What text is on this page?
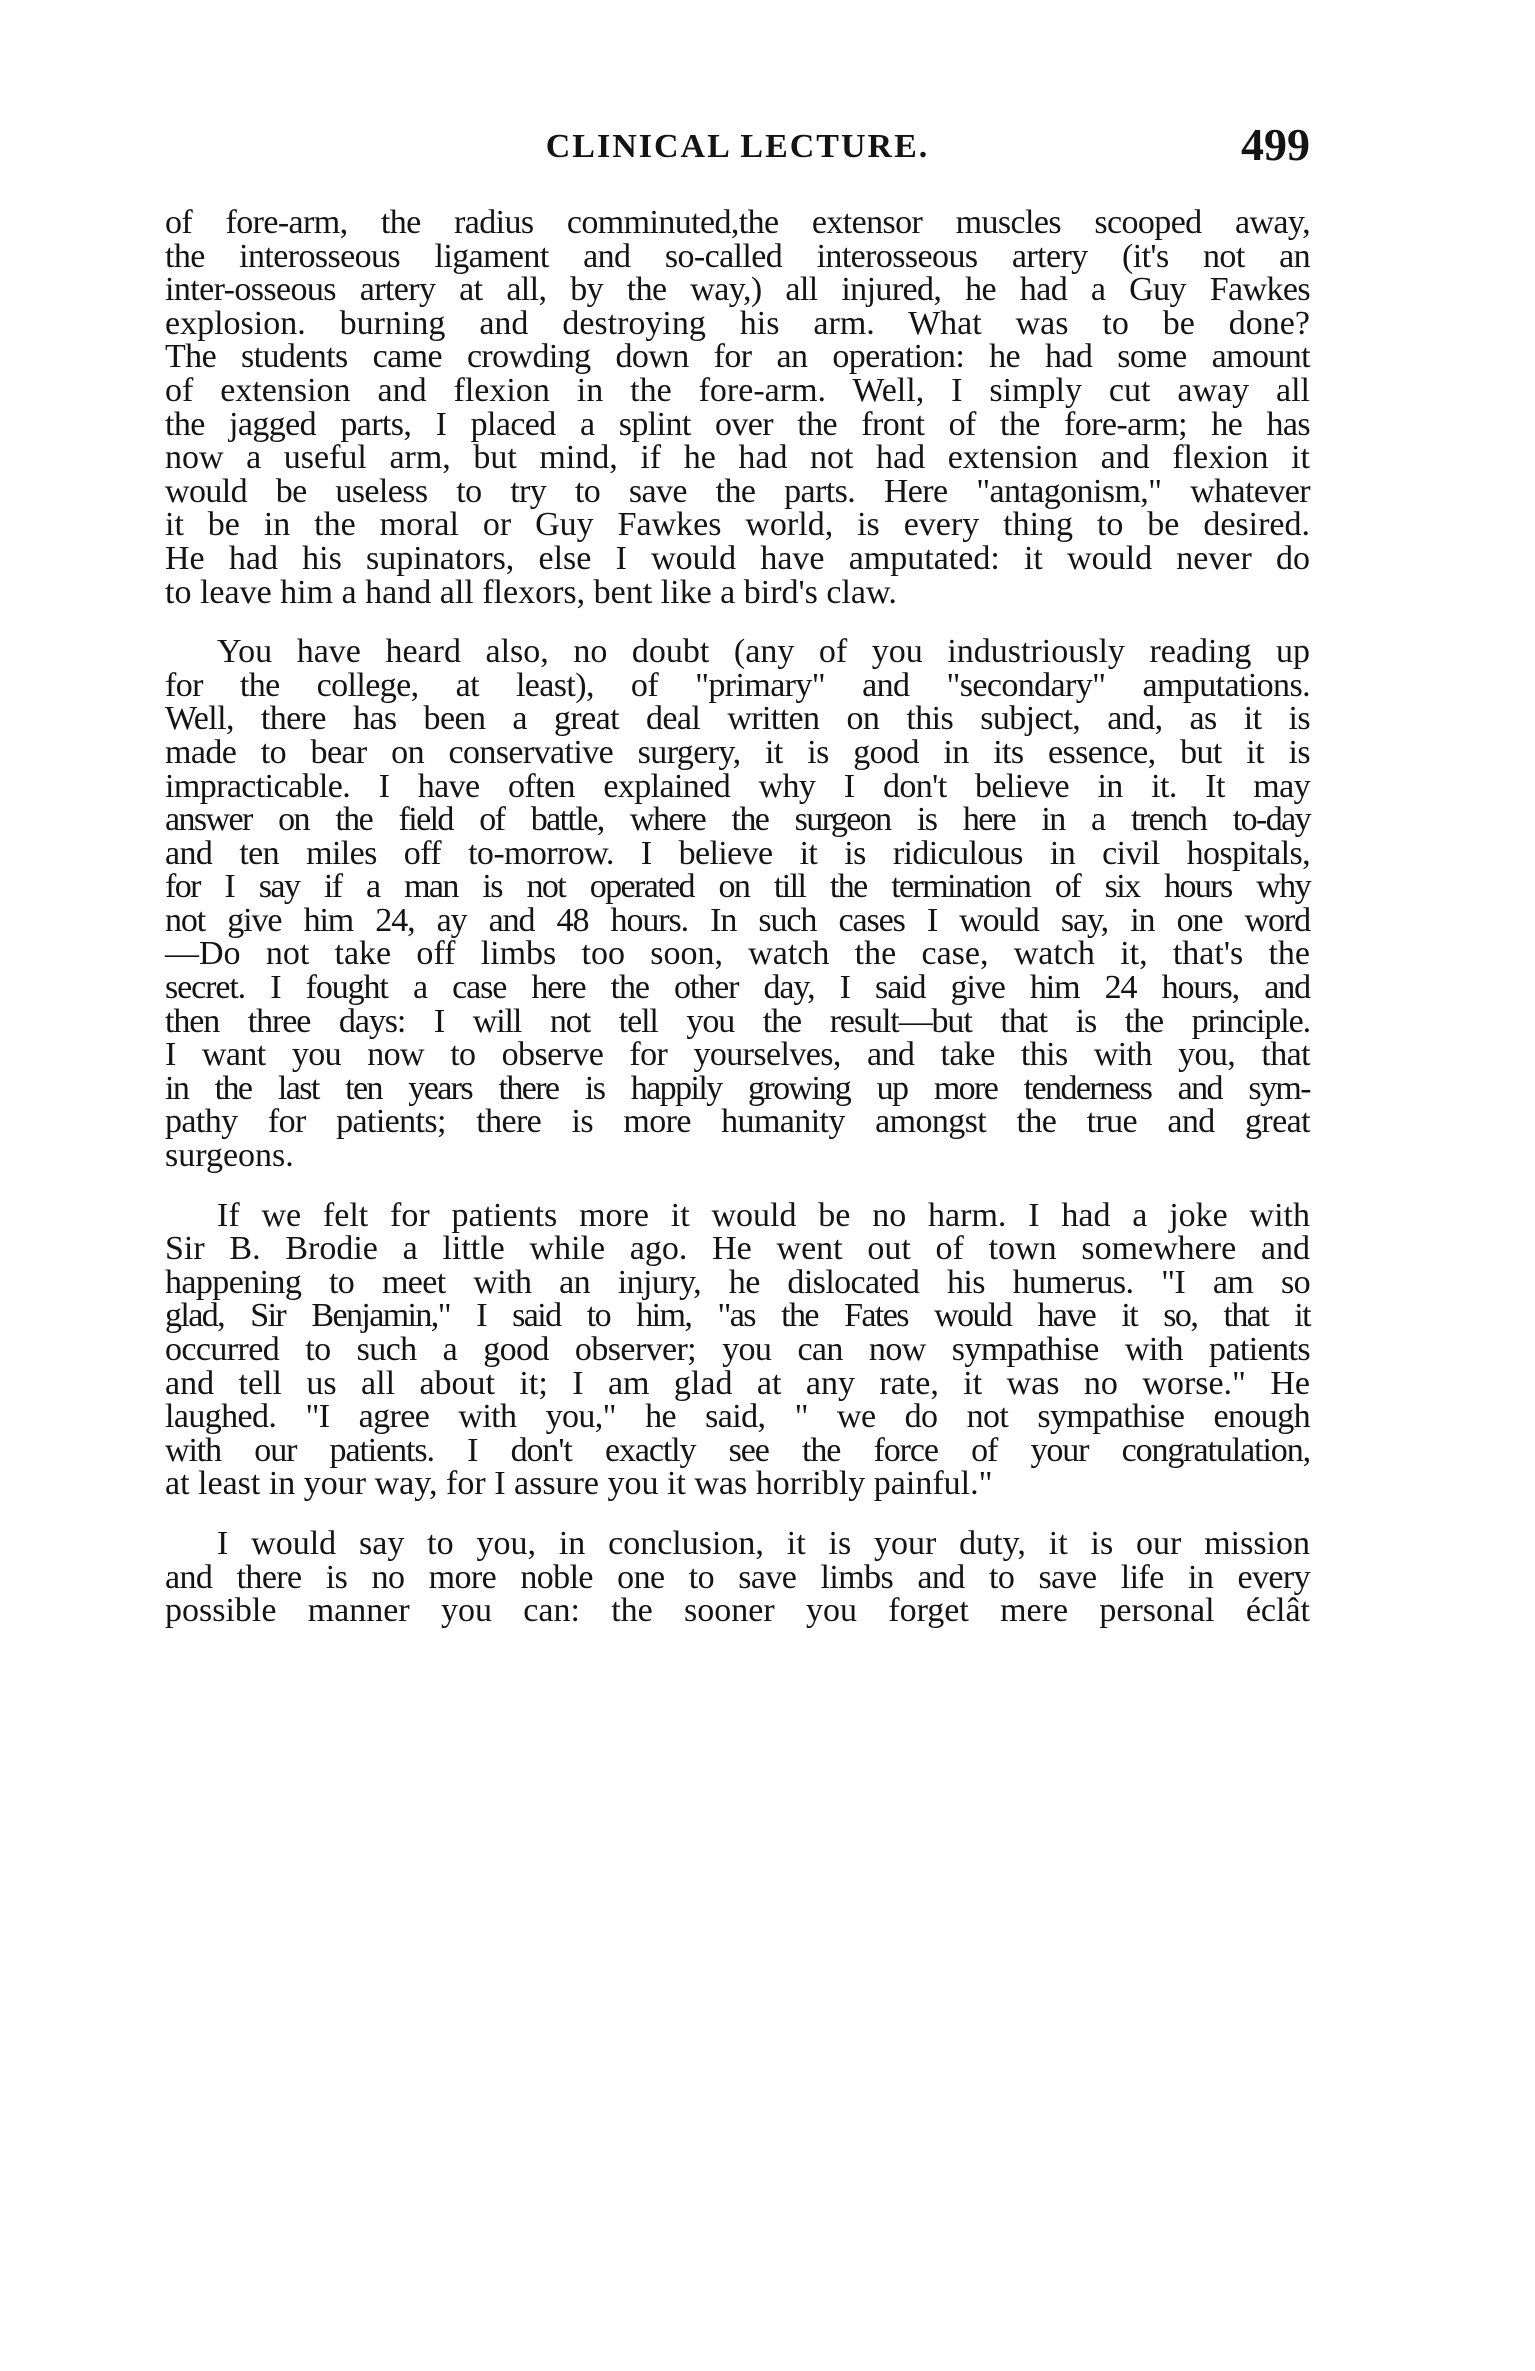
CLINICAL LECTURE.	499
of fore-arm, the radius comminuted,the extensor muscles scooped away,
the interosseous ligament and so-called interosseous artery (it's not an
inter-osseous artery at all, by the way,) all injured, he had a Guy Fawkes
explosion. burning and destroying his arm. What was to be done?
The students came crowding down for an operation: he had some amount
of extension and flexion in the fore-arm. Well, I simply cut away all
the jagged parts, I placed a splint over the front of the fore-arm; he has
now a useful arm, but mind, if he had not had extension and flexion it
would be useless to try to save the parts. Here "antagonism," whatever
it be in the moral or Guy Fawkes world, is every thing to be desired.
He had his supinators, else I would have amputated: it would never do
to leave him a hand all flexors, bent like a bird's claw.
You have heard also, no doubt (any of you industriously reading up
for the college, at least), of "primary" and "secondary" amputations.
Well, there has been a great deal written on this subject, and, as it is
made to bear on conservative surgery, it is good in its essence, but it is
impracticable. I have often explained why I don't believe in it. It may
answer on the field of battle, where the surgeon is here in a trench to-day
and ten miles off to-morrow. I believe it is ridiculous in civil hospitals,
for I say if a man is not operated on till the termination of six hours why
not give him 24, ay and 48 hours. In such cases I would say, in one word
—Do not take off limbs too soon, watch the case, watch it, that's the
secret. I fought a case here the other day, I said give him 24 hours, and
then three days: I will not tell you the result—but that is the principle.
I want you now to observe for yourselves, and take this with you, that
in the last ten years there is happily growing up more tenderness and sym-
pathy for patients; there is more humanity amongst the true and great
surgeons.
If we felt for patients more it would be no harm. I had a joke with
Sir B. Brodie a little while ago. He went out of town somewhere and
happening to meet with an injury, he dislocated his humerus. "I am so
glad, Sir Benjamin," I said to him, "as the Fates would have it so, that it
occurred to such a good observer; you can now sympathise with patients
and tell us all about it; I am glad at any rate, it was no worse." He
laughed. "I agree with you," he said, " we do not sympathise enough
with our patients. I don't exactly see the force of your congratulation,
at least in your way, for I assure you it was horribly painful."
I would say to you, in conclusion, it is your duty, it is our mission
and there is no more noble one to save limbs and to save life in every
possible manner you can: the sooner you forget mere personal éclât
